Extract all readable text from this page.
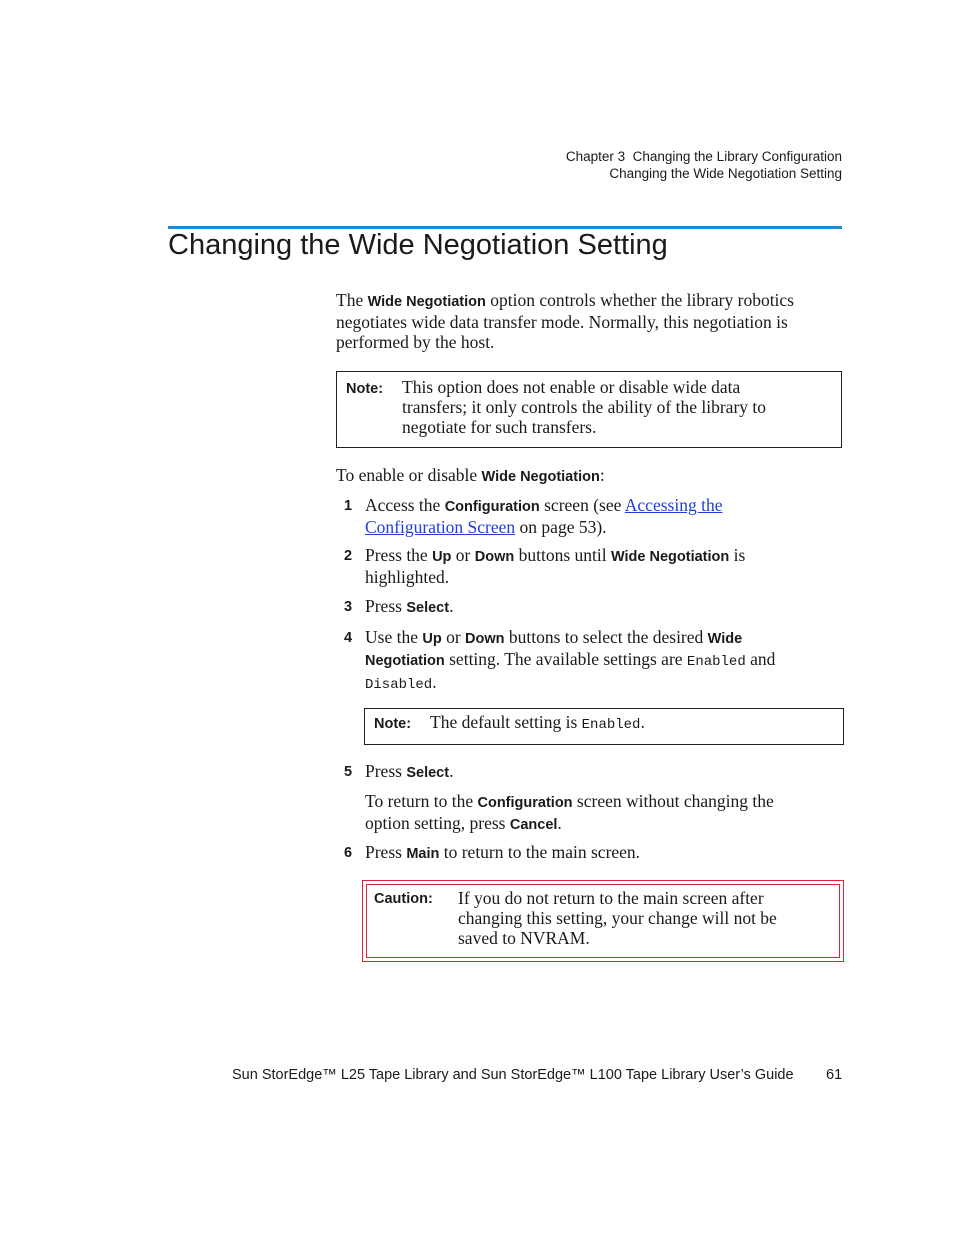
Chapter 3  Changing the Library Configuration
Changing the Wide Negotiation Setting
Changing the Wide Negotiation Setting
The Wide Negotiation option controls whether the library robotics
negotiates wide data transfer mode. Normally, this negotiation is
performed by the host.
Note: This option does not enable or disable wide data
transfers; it only controls the ability of the library to
negotiate for such transfers.
To enable or disable Wide Negotiation:
1 Access the Configuration screen (see Accessing the
Configuration Screen on page 53).
2 Press the Up or Down buttons until Wide Negotiation is
highlighted.
3 Press Select.
4 Use the Up or Down buttons to select the desired Wide
Negotiation setting. The available settings are Enabled and
Disabled.
Note: The default setting is Enabled.
5 Press Select.
To return to the Configuration screen without changing the
option setting, press Cancel.
6 Press Main to return to the main screen.
Caution: If you do not return to the main screen after
changing this setting, your change will not be
saved to NVRAM.
Sun StorEdge™ L25 Tape Library and Sun StorEdge™ L100 Tape Library User’s Guide 61
